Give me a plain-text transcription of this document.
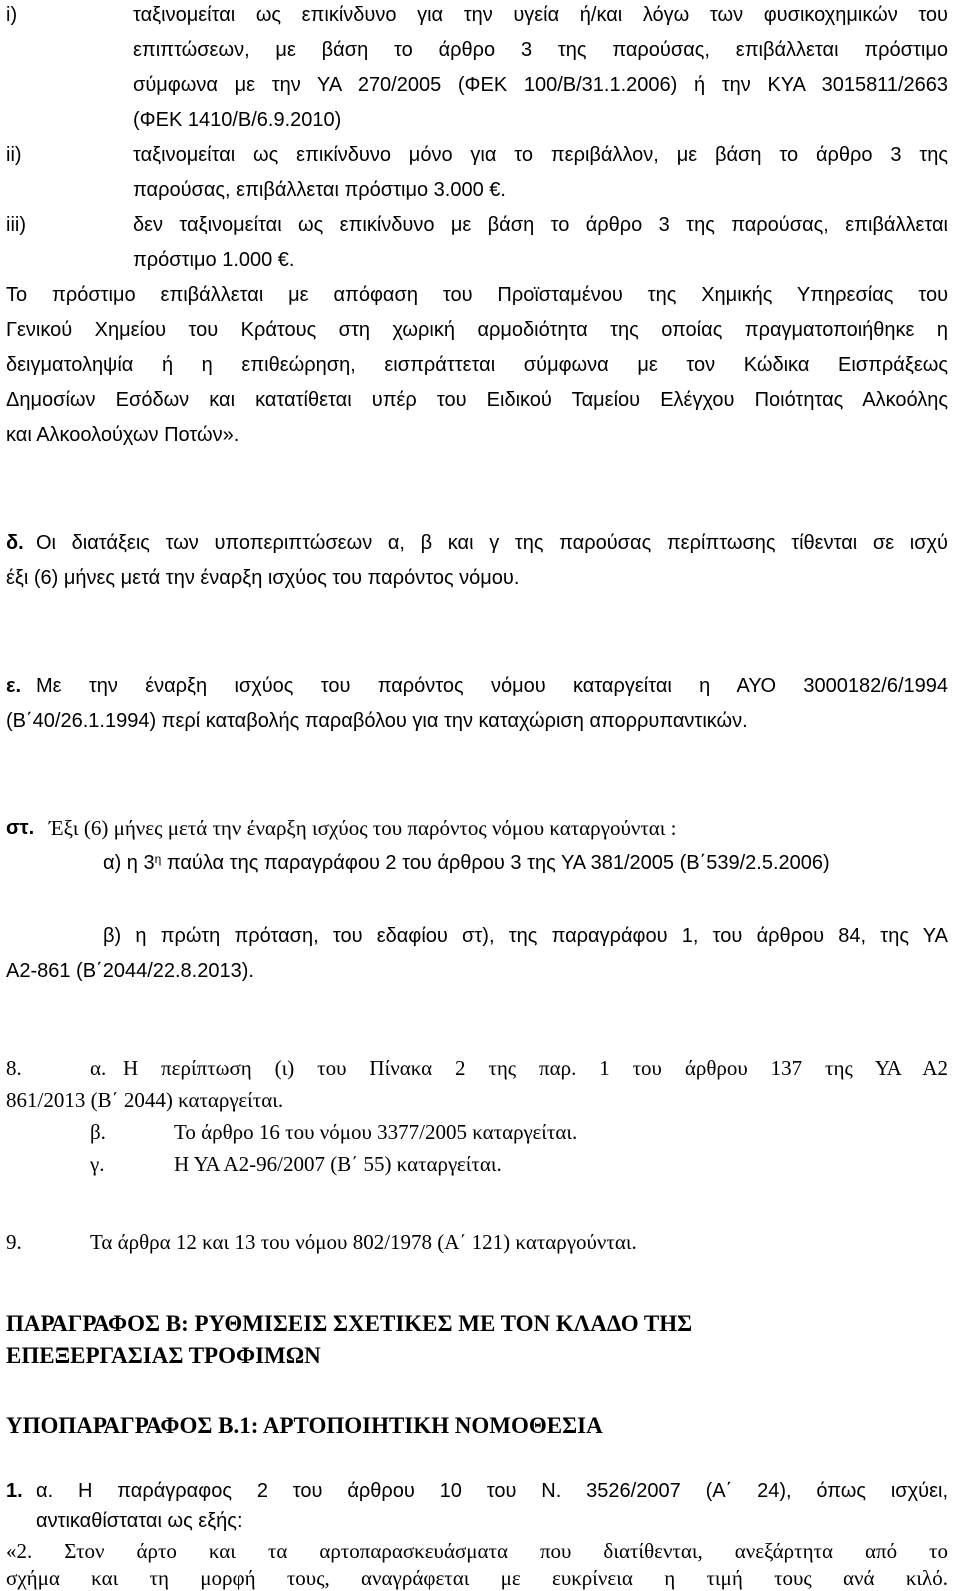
i)	ταξινομείται ως επικίνδυνο για την υγεία ή/και λόγω των φυσικοχημικών του
επιπτώσεων, με βάση το άρθρο 3 της παρούσας, επιβάλλεται πρόστιμο
σύμφωνα με την ΥΑ 270/2005 (ΦΕΚ 100/Β/31.1.2006) ή την ΚΥΑ 3015811/2663
(ΦΕΚ 1410/Β/6.9.2010)
ii)	ταξινομείται ως επικίνδυνο μόνο για το περιβάλλον, με βάση το άρθρο 3 της
παρούσας, επιβάλλεται πρόστιμο 3.000 €.
iii)	δεν ταξινομείται ως επικίνδυνο με βάση το άρθρο 3 της παρούσας, επιβάλλεται
πρόστιμο 1.000 €.
Το πρόστιμο επιβάλλεται με απόφαση του Προϊσταμένου της Χημικής Υπηρεσίας του
Γενικού Χημείου του Κράτους στη χωρική αρμοδιότητα της οποίας πραγματοποιήθηκε η
δειγματοληψία ή η επιθεώρηση, εισπράττεται σύμφωνα με τον Κώδικα Εισπράξεως
Δημοσίων Εσόδων και κατατίθεται υπέρ του Ειδικού Ταμείου Ελέγχου Ποιότητας Αλκοόλης
και Αλκοολούχων Ποτών».
δ. Οι διατάξεις των υποπεριπτώσεων α, β και γ της παρούσας περίπτωσης τίθενται σε ισχύ
έξι (6) μήνες μετά την έναρξη ισχύος του παρόντος νόμου.
ε. Με την έναρξη ισχύος του παρόντος νόμου καταργείται η ΑΥΟ 3000182/6/1994
(Β΄40/26.1.1994) περί καταβολής παραβόλου για την καταχώριση απορρυπαντικών.
στ. Έξι (6) μήνες μετά την έναρξη ισχύος του παρόντος νόμου καταργούνται :
α) η $3^\eta$ παύλα της παραγράφου 2 του άρθρου 3 της ΥΑ 381/2005 (Β΄539/2.5.2006)
β) η πρώτη πρόταση, του εδαφίου στ), της παραγράφου 1, του άρθρου 84, της ΥΑ
Α2-861 (Β΄2044/22.8.2013).
8.	α. Η περίπτωση (ι) του Πίνακα 2 της παρ. 1 του άρθρου 137 της ΥΑ Α2
861/2013 (Β΄ 2044) καταργείται.
β.	Το άρθρο 16 του νόμου 3377/2005 καταργείται.
γ.	Η ΥΑ Α2-96/2007 (Β΄ 55) καταργείται.
9.	Τα άρθρα 12 και 13 του νόμου 802/1978 (Α΄ 121) καταργούνται.
ΠΑΡΑΓΡΑΦΟΣ Β: ΡΥΘΜΙΣΕΙΣ ΣΧΕΤΙΚΕΣ ΜΕ ΤΟΝ ΚΛΑΔΟ ΤΗΣ
ΕΠΕΞΕΡΓΑΣΙΑΣ ΤΡΟΦΙΜΩΝ
ΥΠΟΠΑΡΑΓΡΑΦΟΣ Β.1: ΑΡΤΟΠΟΙΗΤΙΚΗ ΝΟΜΟΘΕΣΙΑ
1. α. Η παράγραφος 2 του άρθρου 10 του Ν. 3526/2007 (Α΄ 24), όπως ισχύει,
αντικαθίσταται ως εξής:
«2. Στον άρτο και τα αρτοπαρασκευάσματα που διατίθενται, ανεξάρτητα από το
σχήμα και τη μορφή τους, αναγράφεται με ευκρίνεια η τιμή τους ανά κιλό.
